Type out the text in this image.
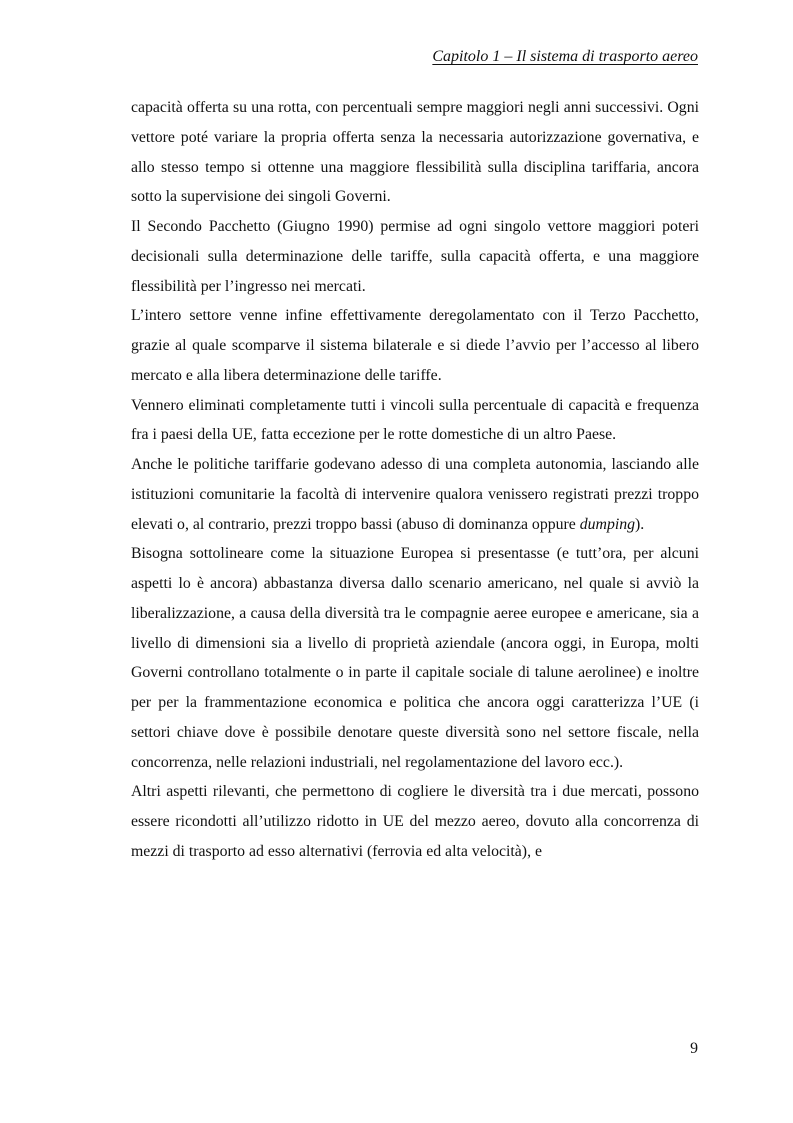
Capitolo 1 – Il sistema di trasporto aereo

capacità offerta su una rotta, con percentuali sempre maggiori negli anni successivi. Ogni vettore poté variare la propria offerta senza la necessaria autorizzazione governativa, e allo stesso tempo si ottenne una maggiore flessibilità sulla disciplina tariffaria, ancora sotto la supervisione dei singoli Governi.

Il Secondo Pacchetto (Giugno 1990) permise ad ogni singolo vettore maggiori poteri decisionali sulla determinazione delle tariffe, sulla capacità offerta, e una maggiore flessibilità per l’ingresso nei mercati.

L’intero settore venne infine effettivamente deregolamentato con il Terzo Pacchetto, grazie al quale scomparve il sistema bilaterale e si diede l’avvio per l’accesso al libero mercato e alla libera determinazione delle tariffe.

Vennero eliminati completamente tutti i vincoli sulla percentuale di capacità e frequenza fra i paesi della UE, fatta eccezione per le rotte domestiche di un altro Paese.

Anche le politiche tariffarie godevano adesso di una completa autonomia, lasciando alle istituzioni comunitarie la facoltà di intervenire qualora venissero registrati prezzi troppo elevati o, al contrario, prezzi troppo bassi (abuso di dominanza oppure dumping).

Bisogna sottolineare come la situazione Europea si presentasse (e tutt’ora, per alcuni aspetti lo è ancora) abbastanza diversa dallo scenario americano, nel quale si avviò la liberalizzazione, a causa della diversità tra le compagnie aeree europee e americane, sia a livello di dimensioni sia a livello di proprietà aziendale (ancora oggi, in Europa, molti Governi controllano totalmente o in parte il capitale sociale di talune aerolinee) e inoltre per per la frammentazione economica e politica che ancora oggi caratterizza l’UE (i settori chiave dove è possibile denotare queste diversità sono nel settore fiscale, nella concorrenza, nelle relazioni industriali, nel regolamentazione del lavoro ecc.).

Altri aspetti rilevanti, che permettono di cogliere le diversità tra i due mercati, possono essere ricondotti all’utilizzo ridotto in UE del mezzo aereo, dovuto alla concorrenza di mezzi di trasporto ad esso alternativi (ferrovia ed alta velocità), e

9
